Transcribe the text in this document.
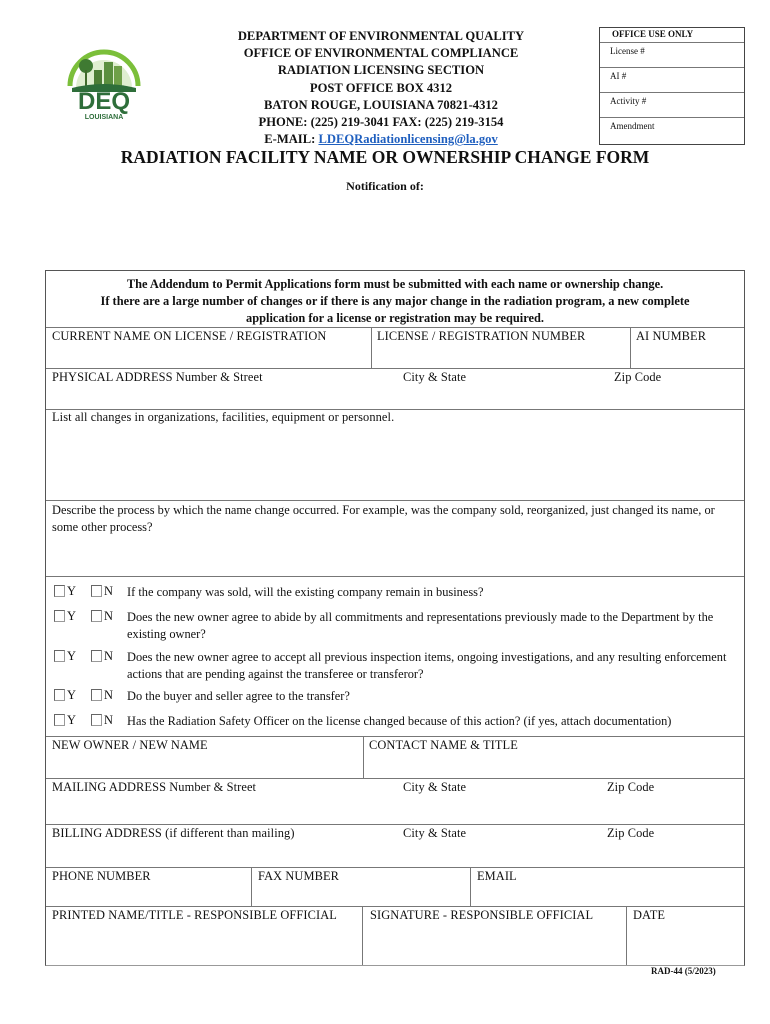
DEQ
LOUISIANA
DEPARTMENT OF ENVIRONMENTAL QUALITY
OFFICE OF ENVIRONMENTAL COMPLIANCE
RADIATION LICENSING SECTION
POST OFFICE BOX 4312
BATON ROUGE, LOUISIANA 70821-4312
PHONE: (225) 219-3041 FAX: (225) 219-3154
E-MAIL: LDEQRadiationlicensing@la.gov
OFFICE USE ONLY
License #
AI #
Activity #
Amendment
RADIATION FACILITY NAME OR OWNERSHIP CHANGE FORM
Notification of:
The Addendum to Permit Applications form must be submitted with each name or ownership change.
If there are a large number of changes or if there is any major change in the radiation program, a new complete
application for a license or registration may be required.
CURRENT NAME ON LICENSE / REGISTRATION	LICENSE / REGISTRATION NUMBER	AI NUMBER
PHYSICAL ADDRESS Number & Street	City & State	Zip Code
List all changes in organizations, facilities, equipment or personnel.
Describe the process by which the name change occurred. For example, was the company sold, reorganized, just changed its name, or some other process?
Y N If the company was sold, will the existing company remain in business?
Y N Does the new owner agree to abide by all commitments and representations previously made to the Department by the existing owner?
Y N Does the new owner agree to accept all previous inspection items, ongoing investigations, and any resulting enforcement actions that are pending against the transferee or transferor?
Y N Do the buyer and seller agree to the transfer?
Y N Has the Radiation Safety Officer on the license changed because of this action? (if yes, attach documentation)
NEW OWNER / NEW NAME	CONTACT NAME & TITLE
MAILING ADDRESS Number & Street	City & State	Zip Code
BILLING ADDRESS (if different than mailing)	City & State	Zip Code
PHONE NUMBER	FAX NUMBER	EMAIL
PRINTED NAME/TITLE - RESPONSIBLE OFFICIAL	SIGNATURE - RESPONSIBLE OFFICIAL	DATE
RAD-44 (5/2023)
